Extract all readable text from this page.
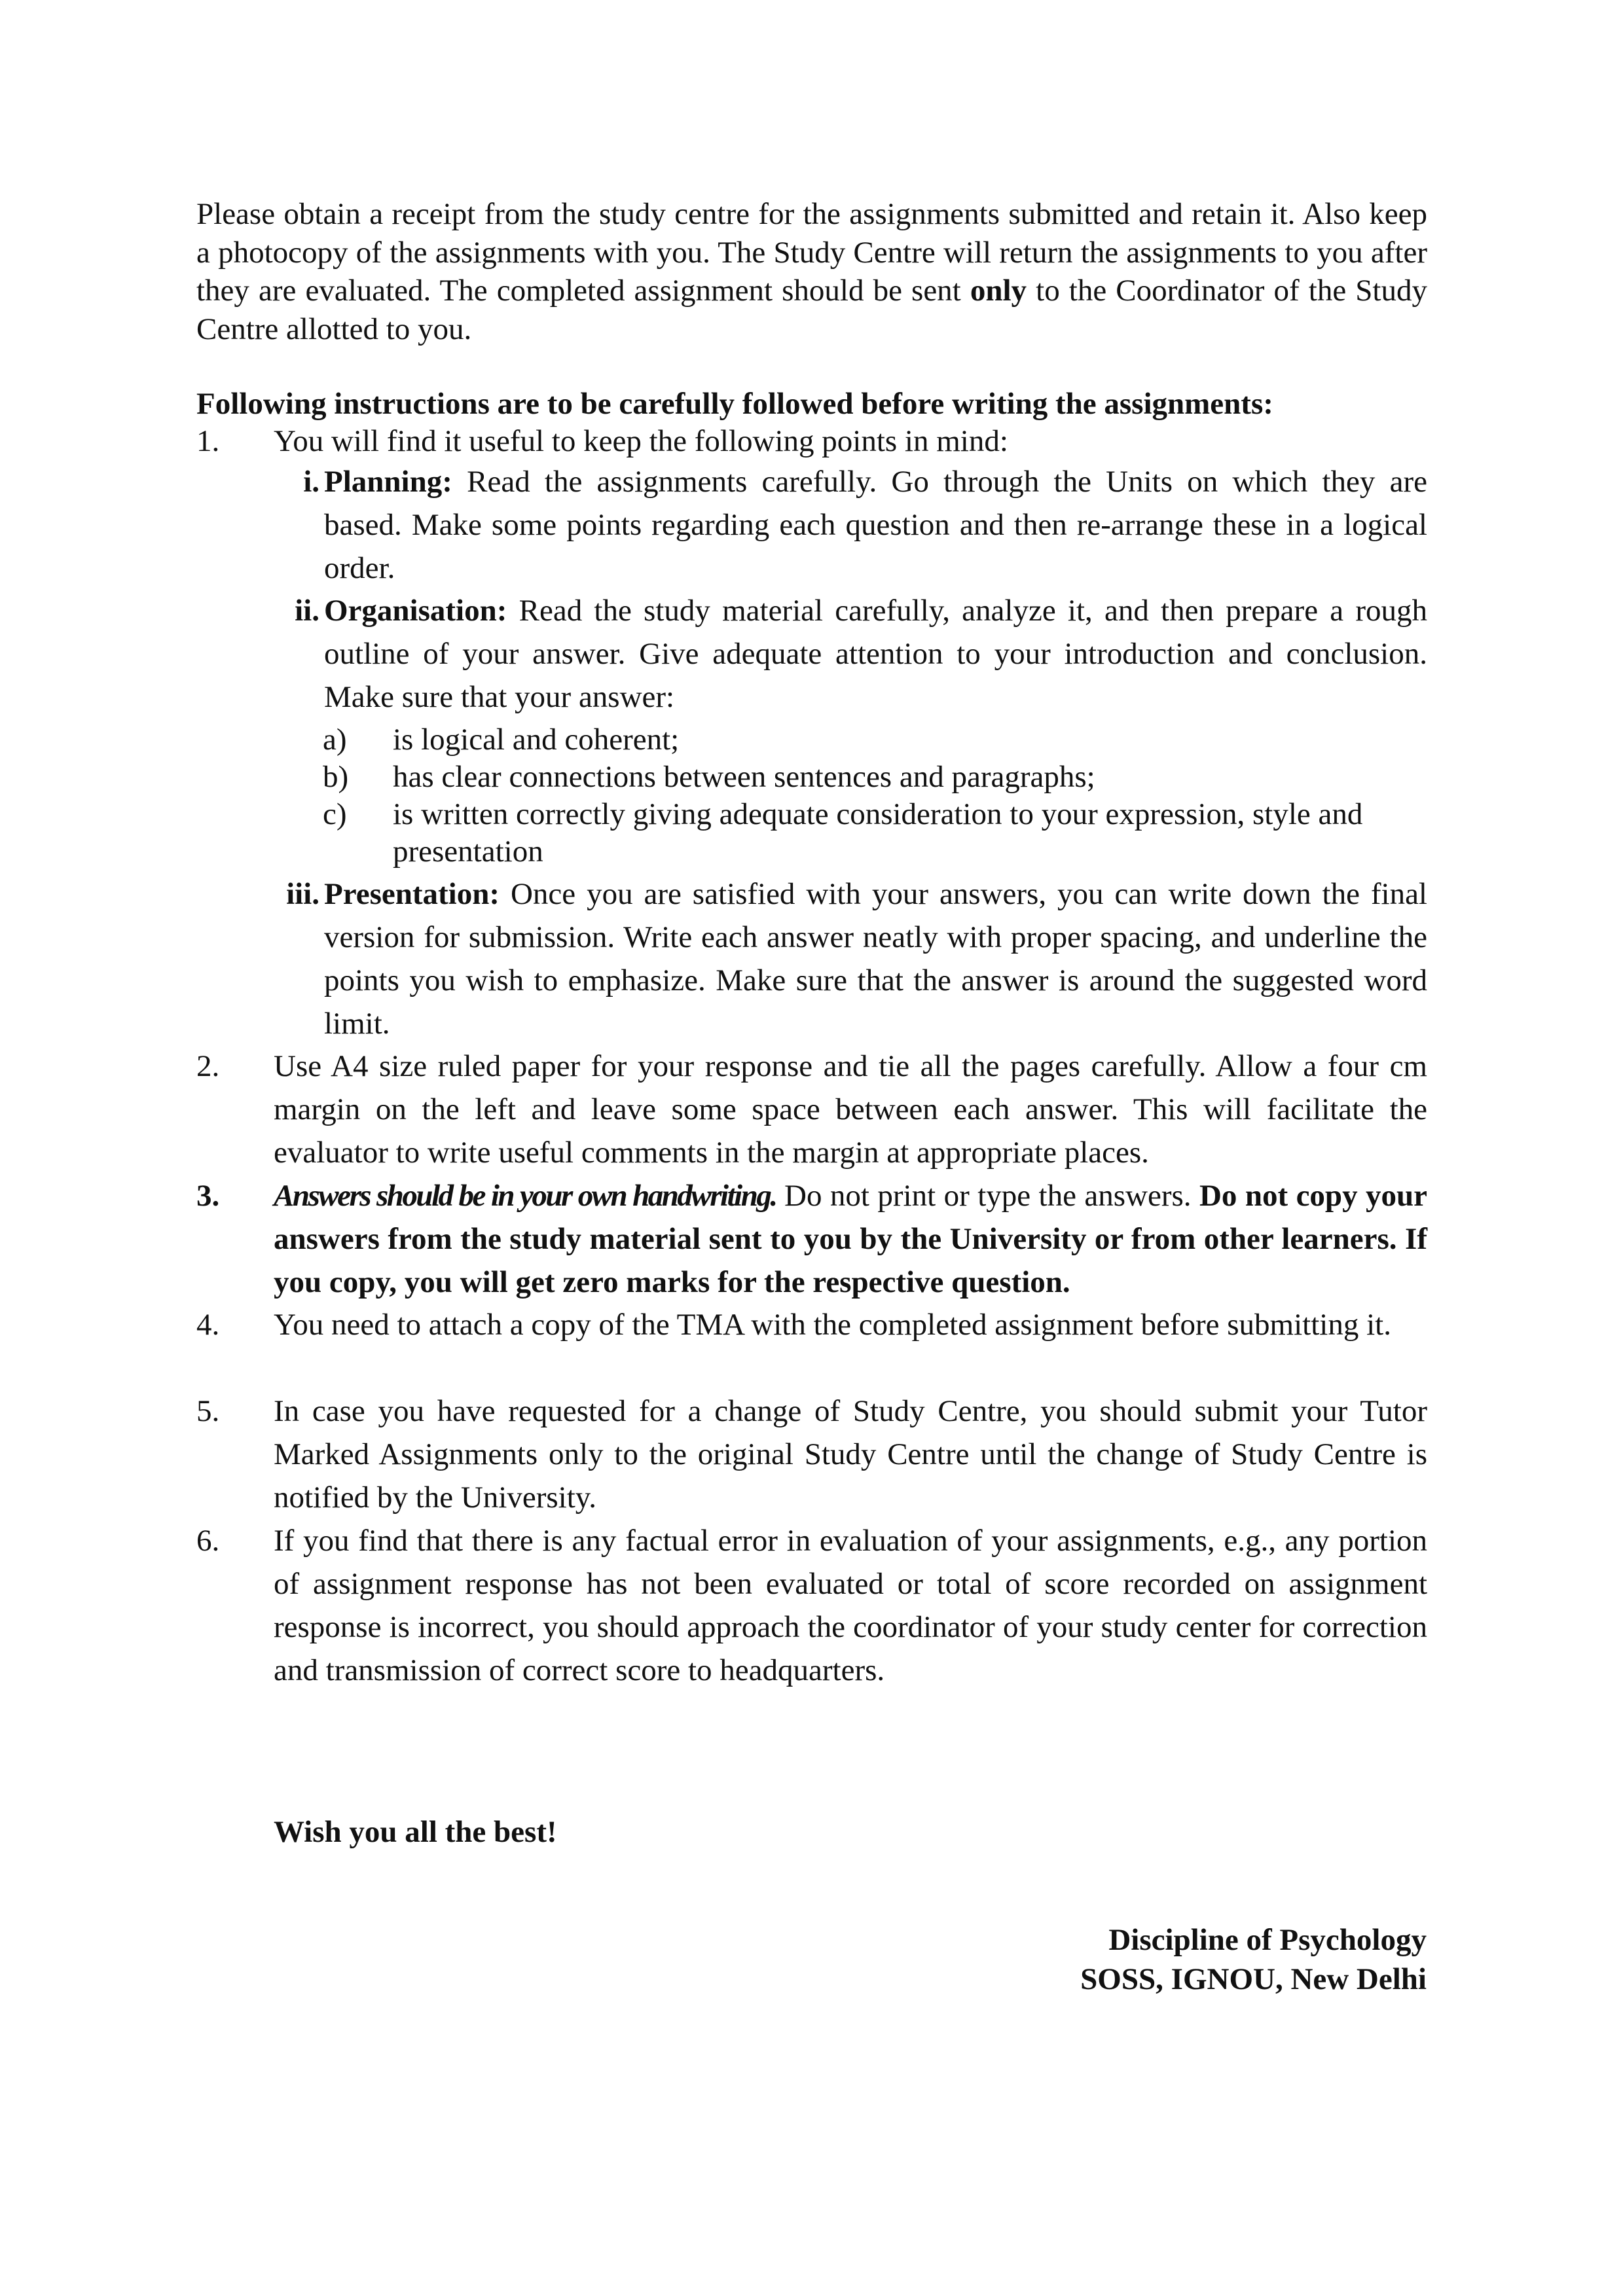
Please obtain a receipt from the study centre for the assignments submitted and retain it. Also keep a photocopy of the assignments with you. The Study Centre will return the assignments to you after they are evaluated. The completed assignment should be sent only to the Coordinator of the Study Centre allotted to you.

Following instructions are to be carefully followed before writing the assignments:
1. You will find it useful to keep the following points in mind:
i. Planning: Read the assignments carefully. Go through the Units on which they are based. Make some points regarding each question and then re-arrange these in a logical order.
ii. Organisation: Read the study material carefully, analyze it, and then prepare a rough outline of your answer. Give adequate attention to your introduction and conclusion. Make sure that your answer:
a) is logical and coherent;
b) has clear connections between sentences and paragraphs;
c) is written correctly giving adequate consideration to your expression, style and presentation
iii. Presentation: Once you are satisfied with your answers, you can write down the final version for submission. Write each answer neatly with proper spacing, and underline the points you wish to emphasize. Make sure that the answer is around the suggested word limit.
2. Use A4 size ruled paper for your response and tie all the pages carefully. Allow a four cm margin on the left and leave some space between each answer. This will facilitate the evaluator to write useful comments in the margin at appropriate places.
3. Answers should be in your own handwriting. Do not print or type the answers. Do not copy your answers from the study material sent to you by the University or from other learners. If you copy, you will get zero marks for the respective question.
4. You need to attach a copy of the TMA with the completed assignment before submitting it.
5. In case you have requested for a change of Study Centre, you should submit your Tutor Marked Assignments only to the original Study Centre until the change of Study Centre is notified by the University.
6. If you find that there is any factual error in evaluation of your assignments, e.g., any portion of assignment response has not been evaluated or total of score recorded on assignment response is incorrect, you should approach the coordinator of your study center for correction and transmission of correct score to headquarters.
Wish you all the best!
Discipline of Psychology
SOSS, IGNOU, New Delhi
